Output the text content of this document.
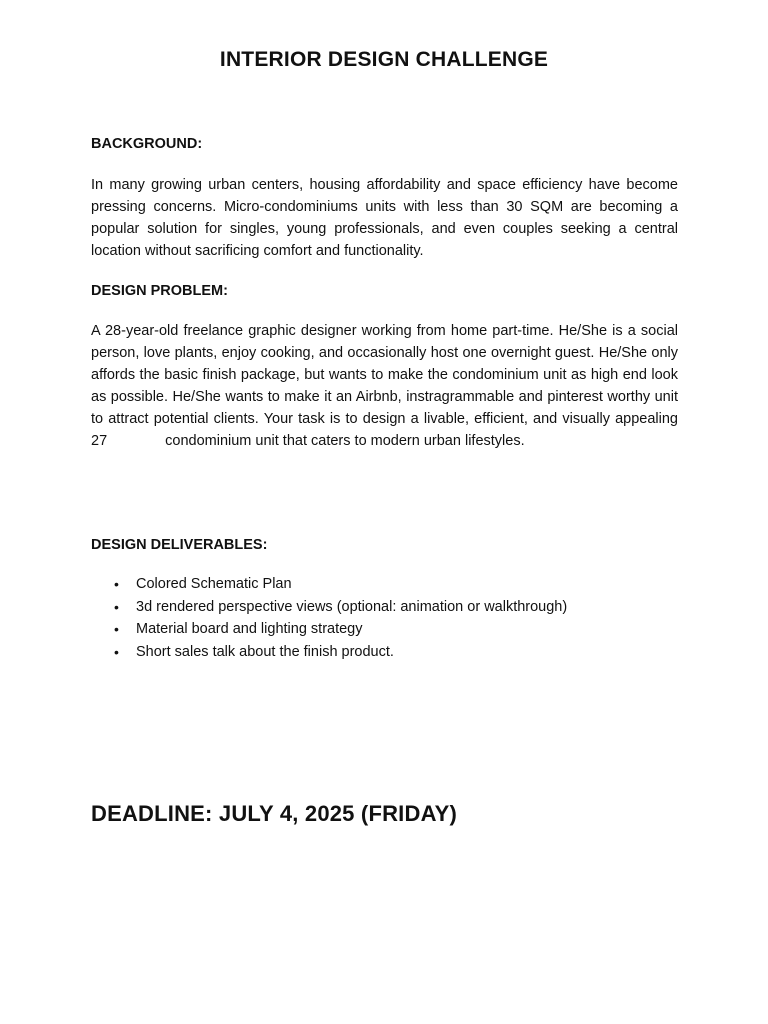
INTERIOR DESIGN CHALLENGE
BACKGROUND:
In many growing urban centers, housing affordability and space efficiency have become pressing concerns. Micro-condominiums units with less than 30 SQM are becoming a popular solution for singles, young professionals, and even couples seeking a central location without sacrificing comfort and functionality.
DESIGN PROBLEM:
A 28-year-old freelance graphic designer working from home part-time. He/She is a social person, love plants, enjoy cooking, and occasionally host one overnight guest. He/She only affords the basic finish package, but wants to make the condominium unit as high end look as possible. He/She wants to make it an Airbnb, instragrammable and pinterest worthy unit to attract potential clients. Your task is to design a livable, efficient, and visually appealing 27	condominium unit that caters to modern urban lifestyles.
DESIGN DELIVERABLES:
• Colored Schematic Plan
• 3d rendered perspective views (optional: animation or walkthrough)
• Material board and lighting strategy
• Short sales talk about the finish product.
DEADLINE: JULY 4, 2025 (FRIDAY)
